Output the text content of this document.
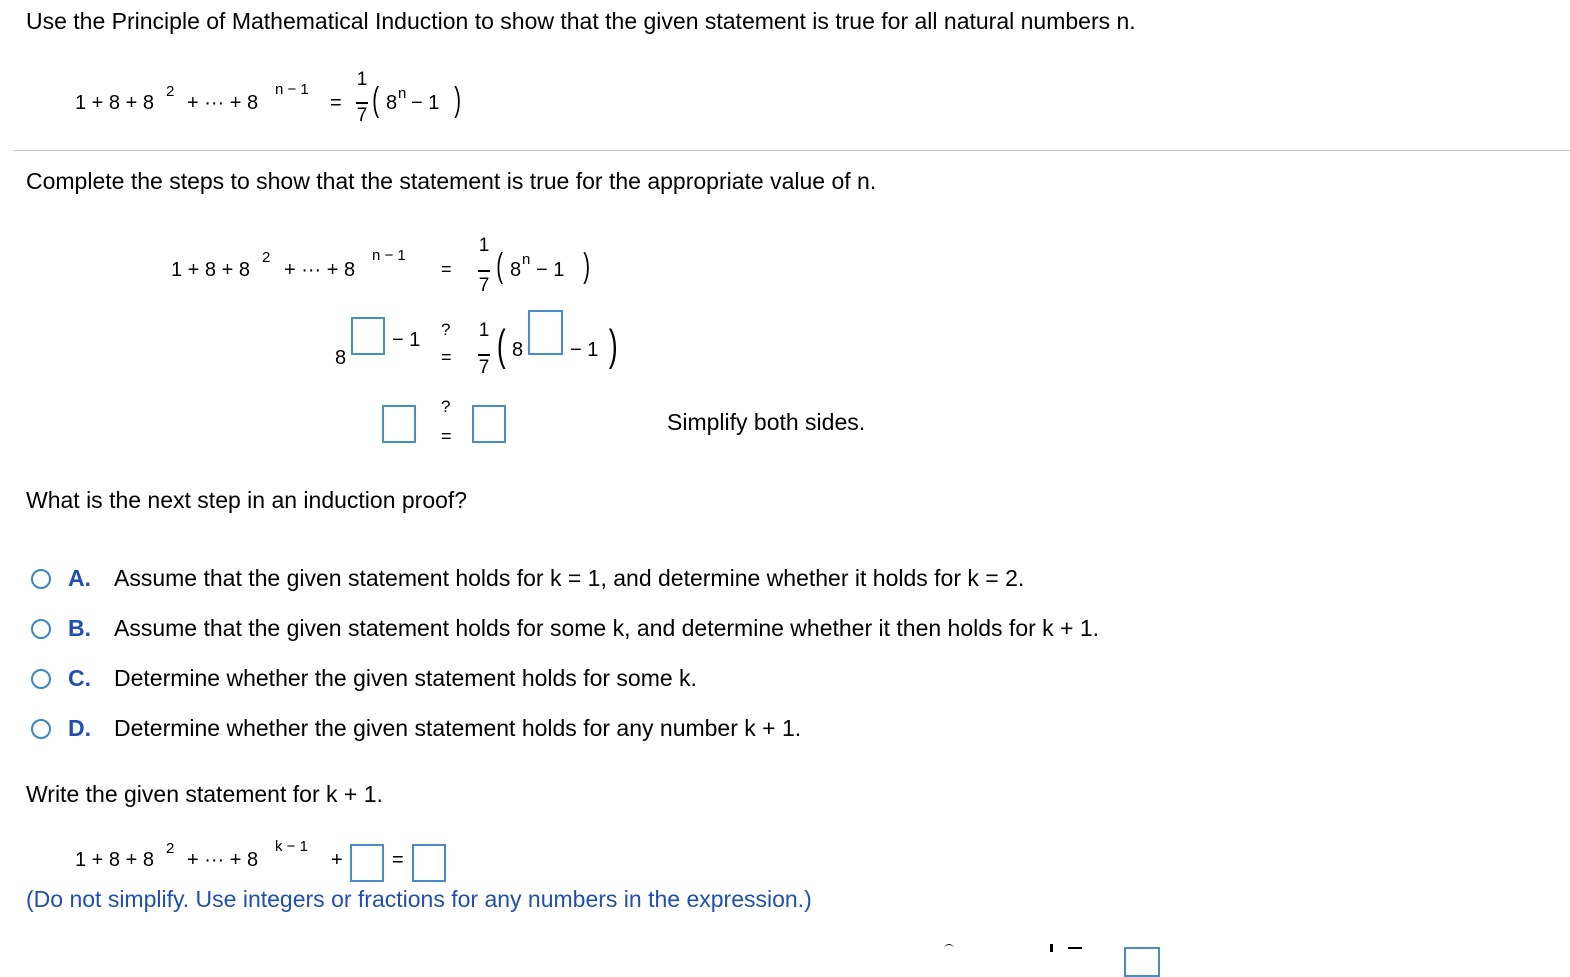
Use the Principle of Mathematical Induction to show that the given statement is true for all natural numbers n.
1 + 8 + 8
2
+ ··· + 8
n − 1
=
1
7 ( 8 n − 1 )
Complete the steps to show that the statement is true for the appropriate value of n.
1 + 8 + 8
2
+ ··· + 8
n − 1
=
1
7
( 8 n − 1 )
8
− 1 ?
=
1
7 ( 8 − 1 )
?
=
Simplify both sides.
What is the next step in an induction proof?
A. Assume that the given statement holds for k = 1, and determine whether it holds for k = 2.
B. Assume that the given statement holds for some k, and determine whether it then holds for k + 1.
C. Determine whether the given statement holds for some k.
D. Determine whether the given statement holds for any number k + 1.
Write the given statement for k + 1.
1 + 8 + 8
2
+ ··· + 8
k − 1
+ =
(Do not simplify. Use integers or fractions for any numbers in the expression.)
